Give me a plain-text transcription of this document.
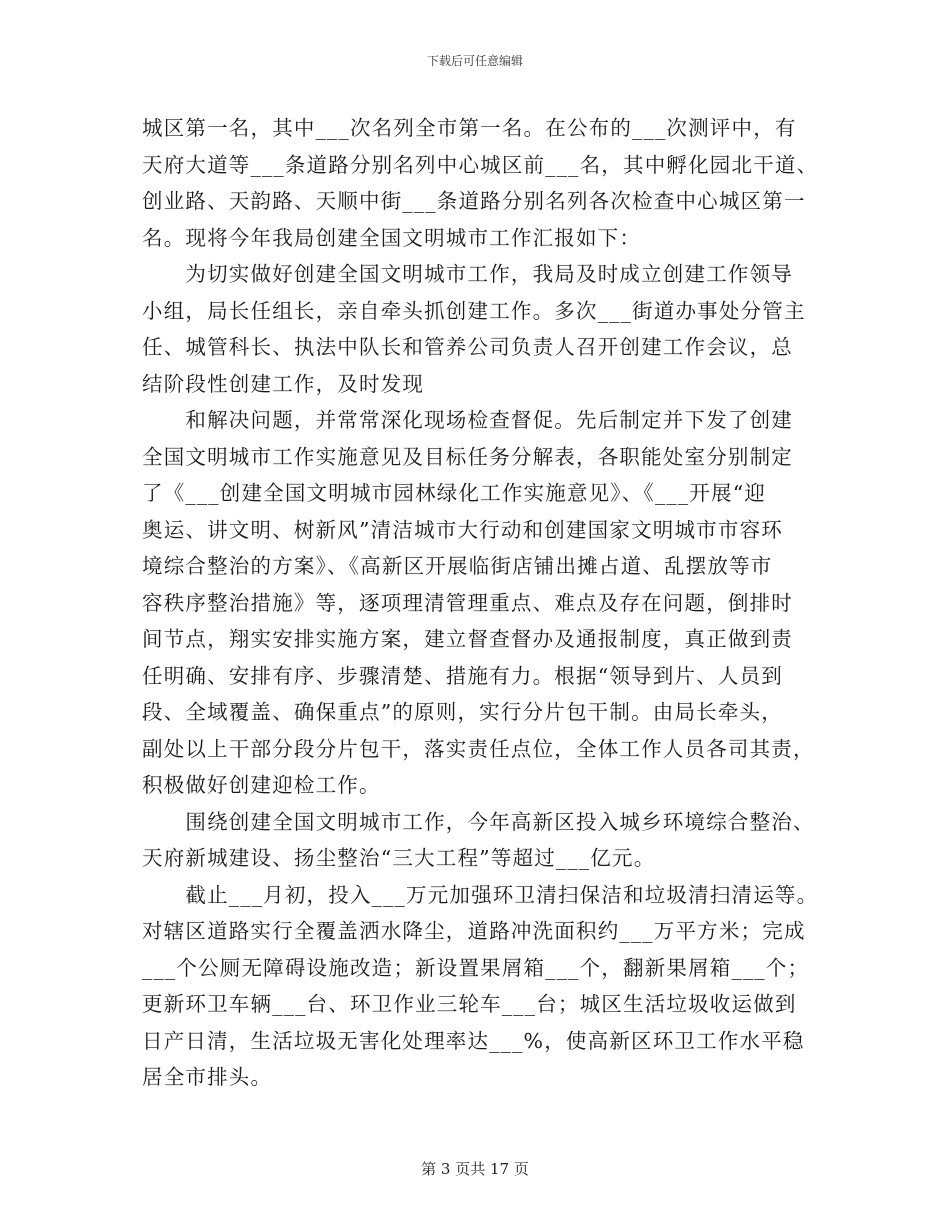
下载后可任意编辑
城区第一名，其中___次名列全市第一名。在公布的___次测评中，有
天府大道等___条道路分别名列中心城区前___名，其中孵化园北干道、
创业路、天韵路、天顺中街___条道路分别名列各次检查中心城区第一
名。现将今年我局创建全国文明城市工作汇报如下：
　　为切实做好创建全国文明城市工作，我局及时成立创建工作领导
小组，局长任组长，亲自牵头抓创建工作。多次___街道办事处分管主
任、城管科长、执法中队长和管养公司负责人召开创建工作会议，总
结阶段性创建工作，及时发现
　　和解决问题，并常常深化现场检查督促。先后制定并下发了创建
全国文明城市工作实施意见及目标任务分解表，各职能处室分别制定
了《___创建全国文明城市园林绿化工作实施意见》、《___开展“迎
奥运、讲文明、树新风”清洁城市大行动和创建国家文明城市市容环
境综合整治的方案》、《高新区开展临街店铺出摊占道、乱摆放等市
容秩序整治措施》等，逐项理清管理重点、难点及存在问题，倒排时
间节点，翔实安排实施方案，建立督查督办及通报制度，真正做到责
任明确、安排有序、步骤清楚、措施有力。根据“领导到片、人员到
段、全域覆盖、确保重点”的原则，实行分片包干制。由局长牵头，
副处以上干部分段分片包干，落实责任点位，全体工作人员各司其责，
积极做好创建迎检工作。
　　围绕创建全国文明城市工作，今年高新区投入城乡环境综合整治、
天府新城建设、扬尘整治“三大工程”等超过___亿元。
　　截止___月初，投入___万元加强环卫清扫保洁和垃圾清扫清运等。
对辖区道路实行全覆盖洒水降尘，道路冲洗面积约___万平方米；完成
___个公厕无障碍设施改造；新设置果屑箱___个，翻新果屑箱___个；
更新环卫车辆___台、环卫作业三轮车___台；城区生活垃圾收运做到
日产日清，生活垃圾无害化处理率达___%，使高新区环卫工作水平稳
居全市排头。
第 3 页共 17 页
